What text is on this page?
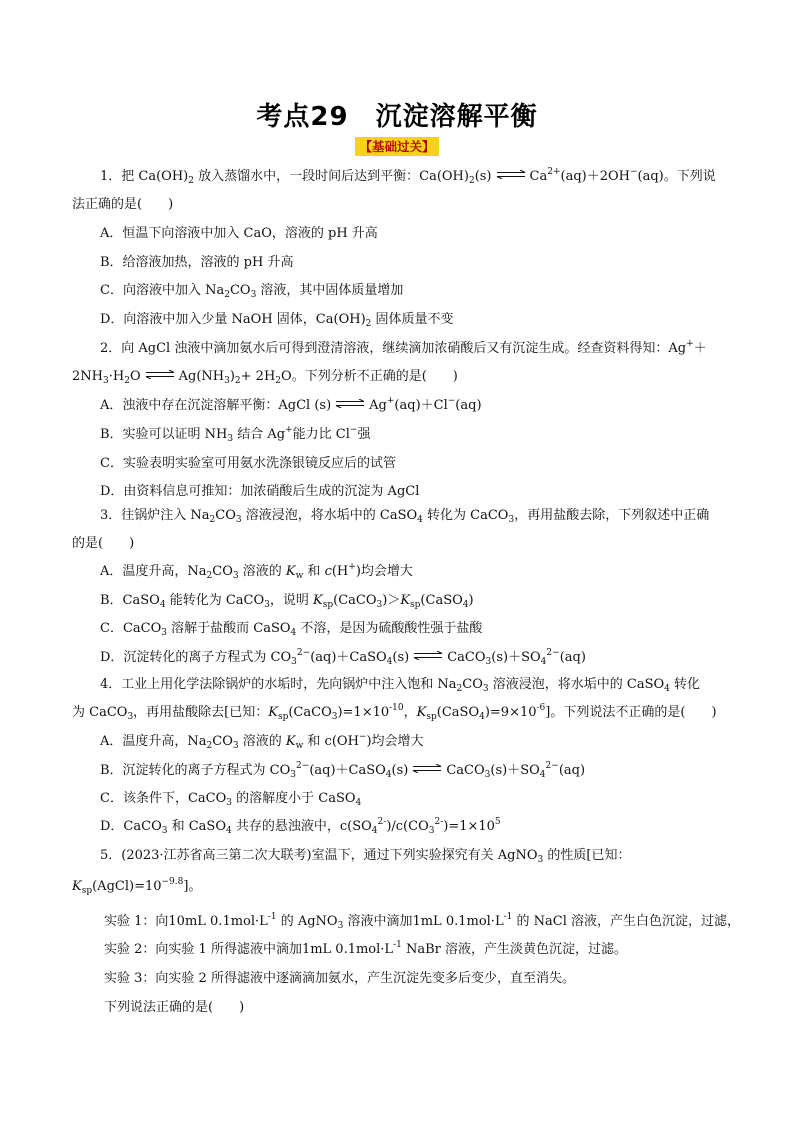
考点29　沉淀溶解平衡
【基础过关】
1．把 $Ca(OH)_2$ 放入蒸馏水中，一段时间后达到平衡：$Ca(OH)_2(s)$ ⇌ $Ca^{2+}(aq)+2OH^-(aq)$。下列说
法正确的是(　　)
A．恒温下向溶液中加入 CaO，溶液的 pH 升高
B．给溶液加热，溶液的 pH 升高
C．向溶液中加入 $Na_2CO_3$ 溶液，其中固体质量增加
D．向溶液中加入少量 NaOH 固体，$Ca(OH)_2$ 固体质量不变
2．向 AgCl 浊液中滴加氨水后可得到澄清溶液，继续滴加浓硝酸后又有沉淀生成。经查资料得知：Ag+＋
$2NH_3\cdot H_2O$ ⇌ $Ag(NH_3)_2+ 2H_2O$。下列分析不正确的是(　　)
A．浊液中存在沉淀溶解平衡：AgCl (s) ⇌ Ag+(aq)＋Cl−(aq)
B．实验可以证明 $NH_3$ 结合 Ag+能力比 Cl−强
C．实验表明实验室可用氨水洗涤银镜反应后的试管
D．由资料信息可推知：加浓硝酸后生成的沉淀为 AgCl
3．往锅炉注入 $Na_2CO_3$ 溶液浸泡，将水垢中的 CaSO$_4$ 转化为 CaCO$_3$，再用盐酸去除，下列叙述中正确
的是(　　)
A．温度升高，$Na_2CO_3$ 溶液的 $K_w$ 和 c(H+)均会增大
B．CaSO$_4$ 能转化为 CaCO$_3$，说明 $K_{sp}(CaCO_3)>K_{sp}(CaSO_4)$
C．CaCO$_3$ 溶解于盐酸而 CaSO$_4$ 不溶，是因为硫酸酸性强于盐酸
D．沉淀转化的离子方程式为 $CO_3^{2-}(aq)+CaSO_4(s)$ ⇌ $CaCO_3(s)+SO_4^{2-}(aq)$
4．工业上用化学法除锅炉的水垢时，先向锅炉中注入饱和 $Na_2CO_3$ 溶液浸泡，将水垢中的 CaSO$_4$ 转化
为 CaCO$_3$，再用盐酸除去[已知：$K_{sp}(CaCO_3)=1\times 10^{-10}$，$K_{sp}(CaSO_4)=9\times 10^{-6}$]。下列说法不正确的是(　　)
A．温度升高，$Na_2CO_3$ 溶液的 $K_w$ 和 c(OH−)均会增大
B．沉淀转化的离子方程式为 $CO_3^{2-}(aq)+CaSO_4(s)$ ⇌ $CaCO_3(s)+SO_4^{2-}(aq)$
C．该条件下，CaCO$_3$ 的溶解度小于 CaSO$_4$
D．CaCO$_3$ 和 CaSO$_4$ 共存的悬浊液中，$c(SO_4^{2-})/c(CO_3^{2-})=1\times 10^5$
5．(2023·江苏省高三第二次大联考)室温下，通过下列实验探究有关 AgNO$_3$ 的性质[已知：
$K_{sp}(AgCl)=10^{-9.8}$]。
实验 1：向10mL $0.1mol\cdot L^{-1}$ 的 AgNO$_3$ 溶液中滴加1mL $0.1mol\cdot L^{-1}$ 的 NaCl 溶液，产生白色沉淀，过滤，
实验 2：向实验 1 所得滤液中滴加1mL $0.1mol\cdot L^{-1}$ NaBr 溶液，产生淡黄色沉淀，过滤。
实验 3：向实验 2 所得滤液中逐滴滴加氨水，产生沉淀先变多后变少，直至消失。
下列说法正确的是(　　)
